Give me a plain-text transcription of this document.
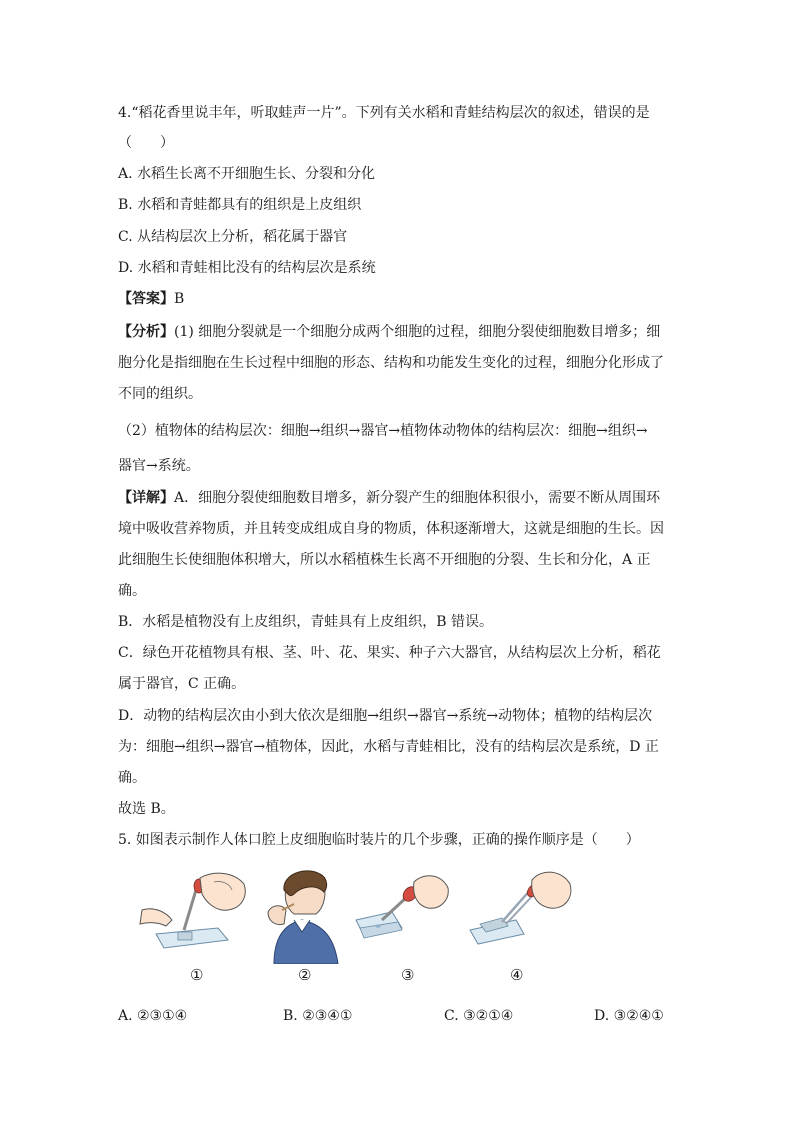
4.“稻花香里说丰年，听取蛙声一片”。下列有关水稻和青蛙结构层次的叙述，错误的是
（　　）
A. 水稻生长离不开细胞生长、分裂和分化
B. 水稻和青蛙都具有的组织是上皮组织
C. 从结构层次上分析，稻花属于器官
D. 水稻和青蛙相比没有的结构层次是系统
【答案】B
【分析】(1) 细胞分裂就是一个细胞分成两个细胞的过程，细胞分裂使细胞数目增多；细
胞分化是指细胞在生长过程中细胞的形态、结构和功能发生变化的过程，细胞分化形成了
不同的组织。
（2）植物体的结构层次：细胞→组织→器官→植物体动物体的结构层次：细胞→组织→
器官→系统。
【详解】A．细胞分裂使细胞数目增多，新分裂产生的细胞体积很小，需要不断从周围环
境中吸收营养物质，并且转变成组成自身的物质，体积逐渐增大，这就是细胞的生长。因
此细胞生长使细胞体积增大，所以水稻植株生长离不开细胞的分裂、生长和分化，A 正
确。
B．水稻是植物没有上皮组织，青蛙具有上皮组织，B 错误。
C．绿色开花植物具有根、茎、叶、花、果实、种子六大器官，从结构层次上分析，稻花
属于器官，C 正确。
D．动物的结构层次由小到大依次是细胞→组织→器官→系统→动物体；植物的结构层次
为：细胞→组织→器官→植物体，因此，水稻与青蛙相比，没有的结构层次是系统，D 正
确。
故选 B。
5. 如图表示制作人体口腔上皮细胞临时装片的几个步骤，正确的操作顺序是（　　）
①	②	③	④
A. ②③①④	B. ②③④①	C. ③②①④	D. ③②④①
